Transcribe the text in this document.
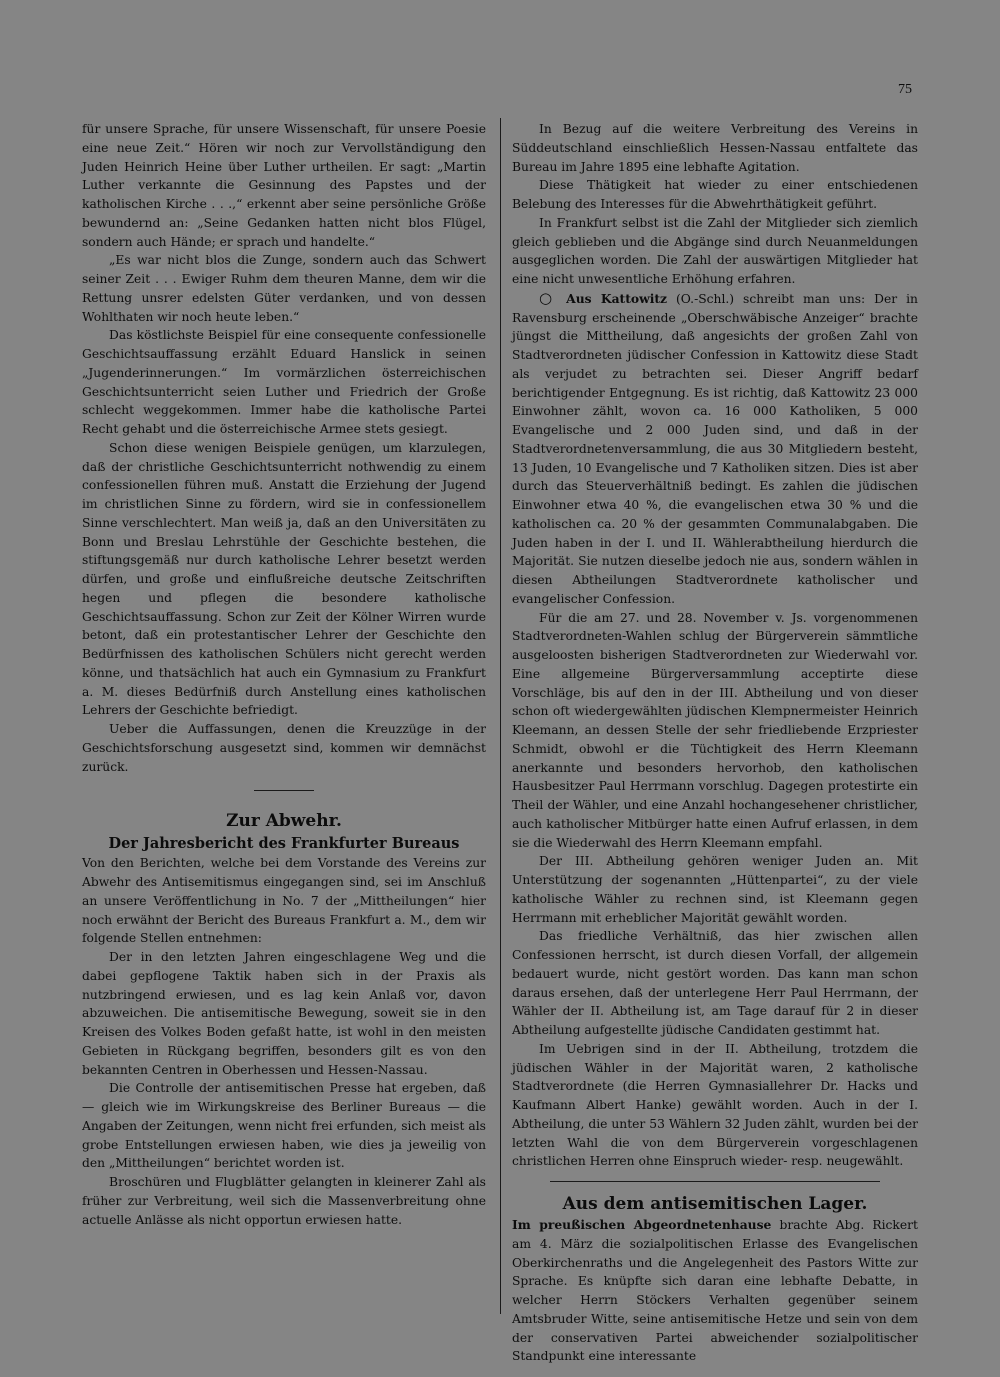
75

für unsere Sprache, für unsere Wissenschaft, für unsere Poesie eine neue Zeit.“ Hören wir noch zur Vervollständigung den Juden Heinrich Heine über Luther urtheilen. Er sagt: „Martin Luther verkannte die Gesinnung des Papstes und der katholischen Kirche . . .,“ erkennt aber seine persönliche Größe bewundernd an: „Seine Gedanken hatten nicht blos Flügel, sondern auch Hände; er sprach und handelte.“

„Es war nicht blos die Zunge, sondern auch das Schwert seiner Zeit . . . Ewiger Ruhm dem theuren Manne, dem wir die Rettung unsrer edelsten Güter verdanken, und von dessen Wohlthaten wir noch heute leben.“

Das köstlichste Beispiel für eine consequente confessionelle Geschichtsauffassung erzählt Eduard Hanslick in seinen „Jugenderinnerungen.“ Im vormärzlichen österreichischen Geschichtsunterricht seien Luther und Friedrich der Große schlecht weggekommen. Immer habe die katholische Partei Recht gehabt und die österreichische Armee stets gesiegt.

Schon diese wenigen Beispiele genügen, um klarzulegen, daß der christliche Geschichtsunterricht nothwendig zu einem confessionellen führen muß. Anstatt die Erziehung der Jugend im christlichen Sinne zu fördern, wird sie in confessionellem Sinne verschlechtert. Man weiß ja, daß an den Universitäten zu Bonn und Breslau Lehrstühle der Geschichte bestehen, die stiftungsgemäß nur durch katholische Lehrer besetzt werden dürfen, und große und einflußreiche deutsche Zeitschriften hegen und pflegen die besondere katholische Geschichtsauffassung. Schon zur Zeit der Kölner Wirren wurde betont, daß ein protestantischer Lehrer der Geschichte den Bedürfnissen des katholischen Schülers nicht gerecht werden könne, und thatsächlich hat auch ein Gymnasium zu Frankfurt a. M. dieses Bedürfniß durch Anstellung eines katholischen Lehrers der Geschichte befriedigt.

Ueber die Auffassungen, denen die Kreuzzüge in der Geschichtsforschung ausgesetzt sind, kommen wir demnächst zurück.

Zur Abwehr.
Der Jahresbericht des Frankfurter Bureaus

Von den Berichten, welche bei dem Vorstande des Vereins zur Abwehr des Antisemitismus eingegangen sind, sei im Anschluß an unsere Veröffentlichung in No. 7 der „Mittheilungen“ hier noch erwähnt der Bericht des Bureaus Frankfurt a. M., dem wir folgende Stellen entnehmen:

Der in den letzten Jahren eingeschlagene Weg und die dabei gepflogene Taktik haben sich in der Praxis als nutzbringend erwiesen, und es lag kein Anlaß vor, davon abzuweichen. Die antisemitische Bewegung, soweit sie in den Kreisen des Volkes Boden gefaßt hatte, ist wohl in den meisten Gebieten in Rückgang begriffen, besonders gilt es von den bekannten Centren in Oberhessen und Hessen-Nassau.

Die Controlle der antisemitischen Presse hat ergeben, daß — gleich wie im Wirkungskreise des Berliner Bureaus — die Angaben der Zeitungen, wenn nicht frei erfunden, sich meist als grobe Entstellungen erwiesen haben, wie dies ja jeweilig von den „Mittheilungen“ berichtet worden ist.

Broschüren und Flugblätter gelangten in kleinerer Zahl als früher zur Verbreitung, weil sich die Massenverbreitung ohne actuelle Anlässe als nicht opportun erwiesen hatte.

In Bezug auf die weitere Verbreitung des Vereins in Süddeutschland einschließlich Hessen-Nassau entfaltete das Bureau im Jahre 1895 eine lebhafte Agitation.

Diese Thätigkeit hat wieder zu einer entschiedenen Belebung des Interesses für die Abwehrthätigkeit geführt.

In Frankfurt selbst ist die Zahl der Mitglieder sich ziemlich gleich geblieben und die Abgänge sind durch Neuanmeldungen ausgeglichen worden. Die Zahl der auswärtigen Mitglieder hat eine nicht unwesentliche Erhöhung erfahren.

○ Aus Kattowitz (O.-Schl.) schreibt man uns: Der in Ravensburg erscheinende „Oberschwäbische Anzeiger“ brachte jüngst die Mittheilung, daß angesichts der großen Zahl von Stadtverordneten jüdischer Confession in Kattowitz diese Stadt als verjudet zu betrachten sei. Dieser Angriff bedarf berichtigender Entgegnung. Es ist richtig, daß Kattowitz 23 000 Einwohner zählt, wovon ca. 16 000 Katholiken, 5 000 Evangelische und 2 000 Juden sind, und daß in der Stadtverordnetenversammlung, die aus 30 Mitgliedern besteht, 13 Juden, 10 Evangelische und 7 Katholiken sitzen. Dies ist aber durch das Steuerverhältniß bedingt. Es zahlen die jüdischen Einwohner etwa 40 %, die evangelischen etwa 30 % und die katholischen ca. 20 % der gesammten Communalabgaben. Die Juden haben in der I. und II. Wählerabtheilung hierdurch die Majorität. Sie nutzen dieselbe jedoch nie aus, sondern wählen in diesen Abtheilungen Stadtverordnete katholischer und evangelischer Confession.

Für die am 27. und 28. November v. Js. vorgenommenen Stadtverordneten-Wahlen schlug der Bürgerverein sämmtliche ausgeloosten bisherigen Stadtverordneten zur Wiederwahl vor. Eine allgemeine Bürgerversammlung acceptirte diese Vorschläge, bis auf den in der III. Abtheilung und von dieser schon oft wiedergewählten jüdischen Klempnermeister Heinrich Kleemann, an dessen Stelle der sehr friedliebende Erzpriester Schmidt, obwohl er die Tüchtigkeit des Herrn Kleemann anerkannte und besonders hervorhob, den katholischen Hausbesitzer Paul Herrmann vorschlug. Dagegen protestirte ein Theil der Wähler, und eine Anzahl hochangesehener christlicher, auch katholischer Mitbürger hatte einen Aufruf erlassen, in dem sie die Wiederwahl des Herrn Kleemann empfahl.

Der III. Abtheilung gehören weniger Juden an. Mit Unterstützung der sogenannten „Hüttenpartei“, zu der viele katholische Wähler zu rechnen sind, ist Kleemann gegen Herrmann mit erheblicher Majorität gewählt worden.

Das friedliche Verhältniß, das hier zwischen allen Confessionen herrscht, ist durch diesen Vorfall, der allgemein bedauert wurde, nicht gestört worden. Das kann man schon daraus ersehen, daß der unterlegene Herr Paul Herrmann, der Wähler der II. Abtheilung ist, am Tage darauf für 2 in dieser Abtheilung aufgestellte jüdische Candidaten gestimmt hat.

Im Uebrigen sind in der II. Abtheilung, trotzdem die jüdischen Wähler in der Majorität waren, 2 katholische Stadtverordnete (die Herren Gymnasiallehrer Dr. Hacks und Kaufmann Albert Hanke) gewählt worden. Auch in der I. Abtheilung, die unter 53 Wählern 32 Juden zählt, wurden bei der letzten Wahl die von dem Bürgerverein vorgeschlagenen christlichen Herren ohne Einspruch wieder- resp. neugewählt.

Aus dem antisemitischen Lager.

Im preußischen Abgeordnetenhause brachte Abg. Rickert am 4. März die sozialpolitischen Erlasse des Evangelischen Oberkirchenraths und die Angelegenheit des Pastors Witte zur Sprache. Es knüpfte sich daran eine lebhafte Debatte, in welcher Herrn Stöckers Verhalten gegenüber seinem Amtsbruder Witte, seine antisemitische Hetze und sein von dem der conservativen Partei abweichender sozialpolitischer Standpunkt eine interessante
